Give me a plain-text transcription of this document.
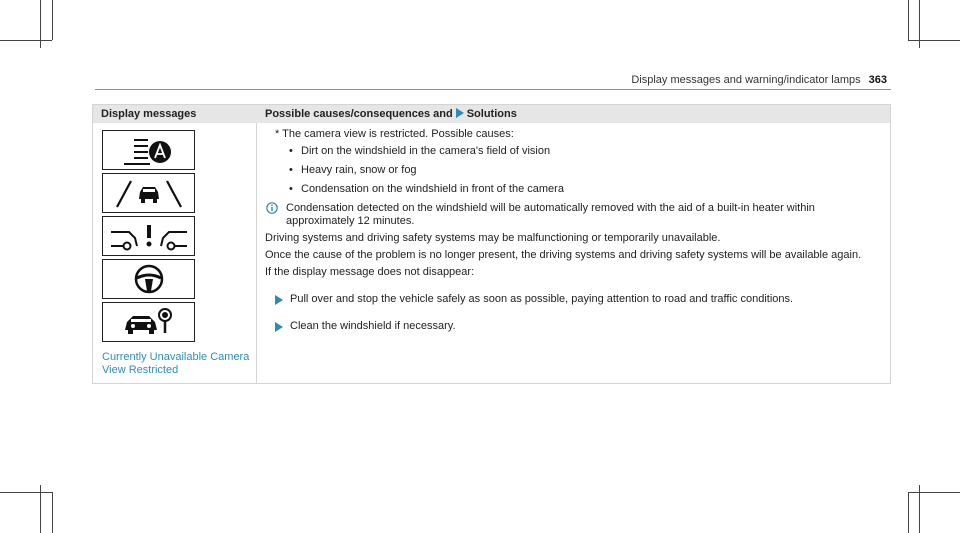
Display messages and warning/indicator lamps 363
Display messages	Possible causes/consequences and Solutions
Currently Unavailable Camera View Restricted

* The camera view is restricted. Possible causes:

• Dirt on the windshield in the camera's field of vision
• Heavy rain, snow or fog
• Condensation on the windshield in front of the camera

Condensation detected on the windshield will be automatically removed with the aid of a built-in heater within approximately 12 minutes.

Driving systems and driving safety systems may be malfunctioning or temporarily unavailable.

Once the cause of the problem is no longer present, the driving systems and driving safety systems will be available again.

If the display message does not disappear:

Pull over and stop the vehicle safely as soon as possible, paying attention to road and traffic conditions.

Clean the windshield if necessary.
